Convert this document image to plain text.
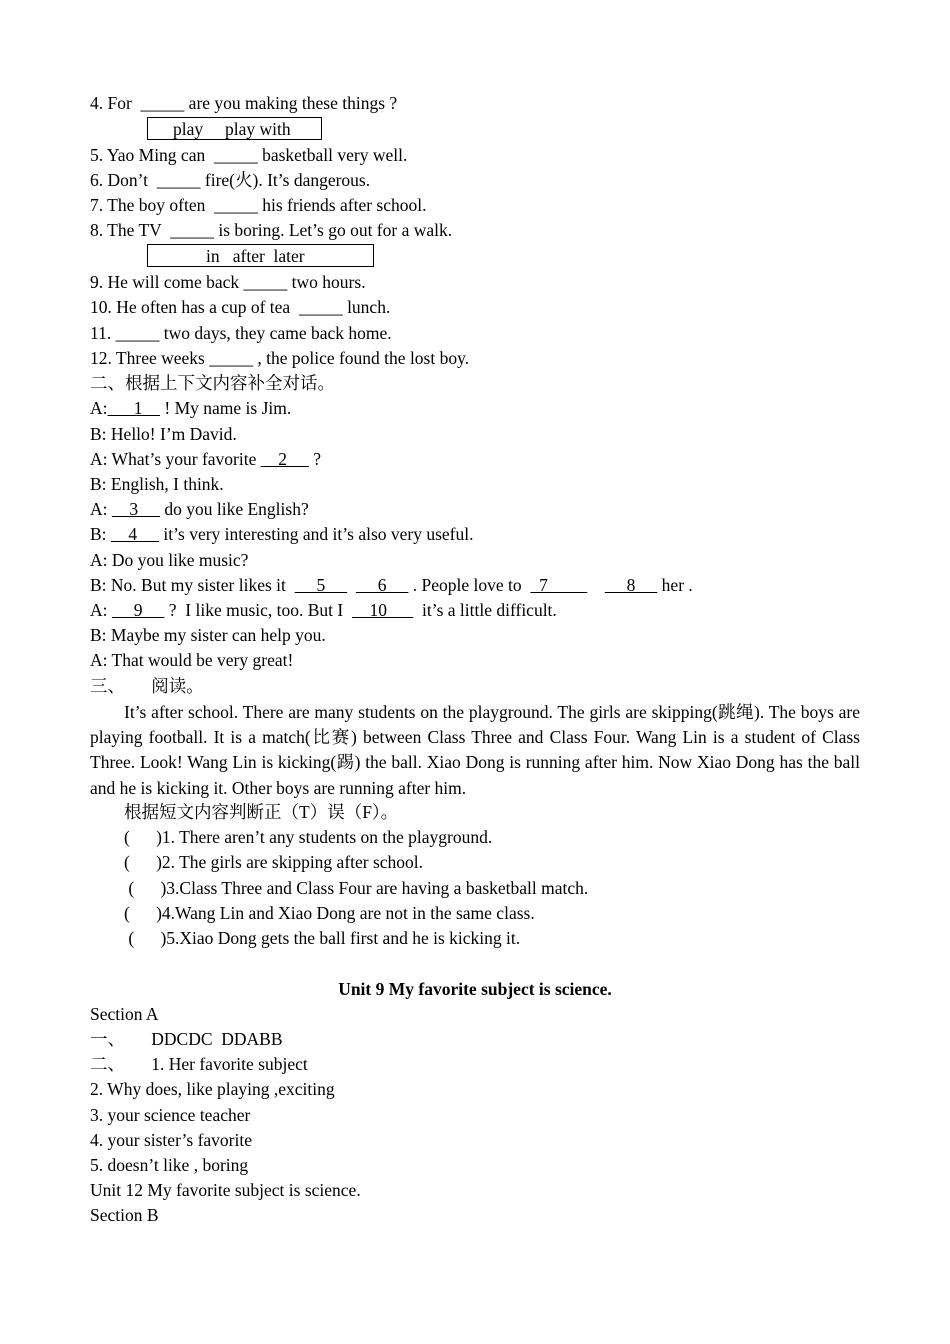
4. For  _____ are you making these things ?
play     play with
5. Yao Ming can  _____ basketball very well.
6. Don’t  _____ fire(火). It’s dangerous.
7. The boy often  _____ his friends after school.
8. The TV  _____ is boring. Let’s go out for a walk.
in   after  later
9. He will come back _____ two hours.
10. He often has a cup of tea  _____ lunch.
11. _____ two days, they came back home.
12. Three weeks _____ , the police found the lost boy.
二、根据上下文内容补全对话。
A:      1     ! My name is Jim.
B: Hello! I’m David.
A: What’s your favorite     2      ?
B: English, I think.
A:     3      do you like English?
B:     4      it’s very interesting and it’s also very useful.
A: Do you like music?
B: No. But my sister likes it       5            6      . People love to    7                  8      her .
A:      9      ?  I like music, too. But I      10        it’s a little difficult.
B: Maybe my sister can help you.
A: That would be very great!
三、      阅读。
It’s after school. There are many students on the playground. The girls are skipping(跳绳). The boys are playing football. It is a match(比赛) between Class Three and Class Four. Wang Lin is a student of Class Three. Look! Wang Lin is kicking(踢) the ball. Xiao Dong is running after him. Now Xiao Dong has the ball and he is kicking it. Other boys are running after him.
根据短文内容判断正（T）误（F）。
(      )1. There aren’t any students on the playground.
(      )2. The girls are skipping after school.
(      )3.Class Three and Class Four are having a basketball match.
(      )4.Wang Lin and Xiao Dong are not in the same class.
(      )5.Xiao Dong gets the ball first and he is kicking it.
Unit 9 My favorite subject is science.
Section A
一、      DDCDC  DDABB
二、      1. Her favorite subject
2. Why does, like playing ,exciting
3. your science teacher
4. your sister’s favorite
5. doesn’t like , boring
Unit 12 My favorite subject is science.
Section B
